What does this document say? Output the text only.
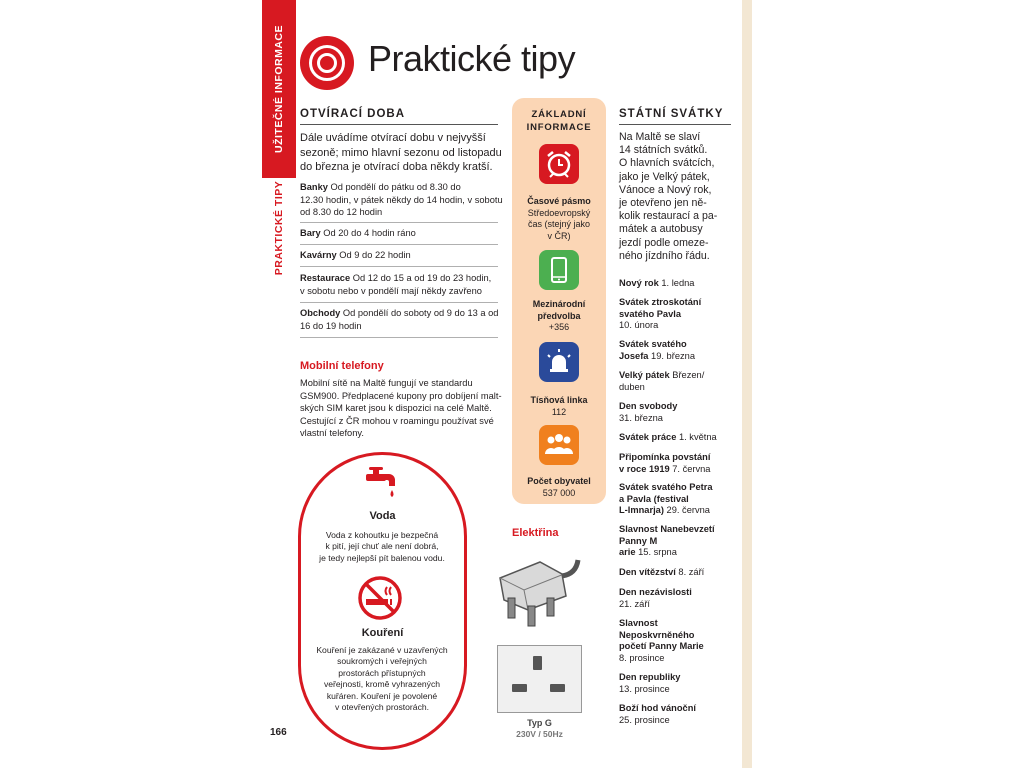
UŽITEČNÉ INFORMACE
PRAKTICKÉ TIPY
Praktické tipy
OTVÍRACÍ DOBA
Dále uvádíme otvírací dobu v nejvyšší
sezoně; mimo hlavní sezonu od listopadu
do března je otvírací doba někdy kratší.
Banky Od pondělí do pátku od 8.30 do
12.30 hodin, v pátek někdy do 14 hodin, v sobotu
od 8.30 do 12 hodin
Bary Od 20 do 4 hodin ráno
Kavárny Od 9 do 22 hodin
Restaurace Od 12 do 15 a od 19 do 23 hodin,
v sobotu nebo v pondělí mají někdy zavřeno
Obchody Od pondělí do soboty od 9 do 13 a od
16 do 19 hodin
Mobilní telefony
Mobilní sítě na Maltě fungují ve standardu
GSM900. Předplacené kupony pro dobíjení malt-
ských SIM karet jsou k dispozici na celé Maltě.
Cestující z ČR mohou v roamingu používat své
vlastní telefony.
Voda
Voda z kohoutku je bezpečná
k pití, její chuť ale není dobrá,
je tedy nejlepší pít balenou vodu.
Kouření
Kouření je zakázané v uzavřených
soukromých i veřejných
prostorách přístupných
veřejnosti, kromě vyhrazených
kuřáren. Kouření je povolené
v otevřených prostorách.
166
ZÁKLADNÍ
INFORMACE
Časové pásmo
Středoevropský
čas (stejný jako
v ČR)
Mezinárodní
předvolba
+356
Tísňová linka
112
Počet obyvatel
537 000
Elektřina
Typ G
230V / 50Hz
STÁTNÍ SVÁTKY
Na Maltě se slaví
14 státních svátků.
O hlavních svátcích,
jako je Velký pátek,
Vánoce a Nový rok,
je otevřeno jen ně-
kolik restaurací a pa-
mátek a autobusy
jezdí podle omeze-
ného jízdního řádu.
Nový rok 1. ledna
Svátek ztroskotání
svatého Pavla
10. února
Svátek svatého
Josefa 19. března
Velký pátek Březen/
duben
Den svobody
31. března
Svátek práce 1. května
Připomínka povstání
v roce 1919 7. června
Svátek svatého Petra
a Pavla (festival
L-Imnarja) 29. června
Slavnost Nanebevzetí
Panny M
arie 15. srpna
Den vítězství 8. září
Den nezávislosti
21. září
Slavnost
Neposkvrněného
početí Panny Marie
8. prosince
Den republiky
13. prosince
Boží hod vánoční
25. prosince
